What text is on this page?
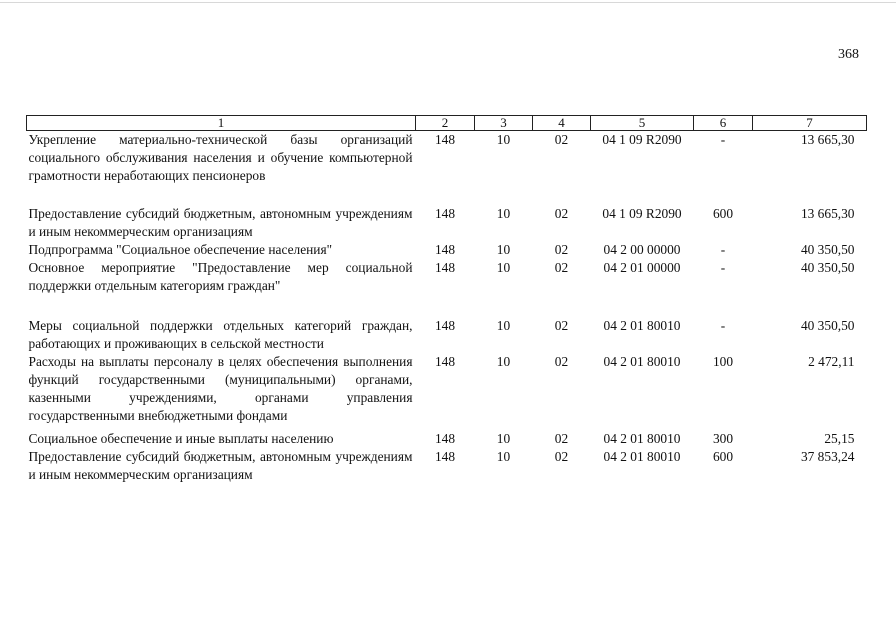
368
1	2	3	4	5	6	7
Укрепление материально-технической базы организаций социального обслуживания населения и обучение компьютерной грамотности неработающих пенсионеров	148	10	02	04 1 09 R2090	-	13 665,30

Предоставление субсидий бюджетным, автономным учреждениям и иным некоммерческим организациям	148	10	02	04 1 09 R2090	600	13 665,30
Подпрограмма "Социальное обеспечение населения"	148	10	02	04 2 00 00000	-	40 350,50
Основное мероприятие "Предоставление мер социальной поддержки отдельным категориям граждан"	148	10	02	04 2 01 00000	-	40 350,50

Меры социальной поддержки отдельных категорий граждан, работающих и проживающих в сельской местности	148	10	02	04 2 01 80010	-	40 350,50
Расходы на выплаты персоналу в целях обеспечения выполнения функций государственными (муниципальными) органами, казенными учреждениями, органами управления государственными внебюджетными фондами	148	10	02	04 2 01 80010	100	2 472,11

Социальное обеспечение и иные выплаты населению	148	10	02	04 2 01 80010	300	25,15
Предоставление субсидий бюджетным, автономным учреждениям и иным некоммерческим организациям	148	10	02	04 2 01 80010	600	37 853,24
